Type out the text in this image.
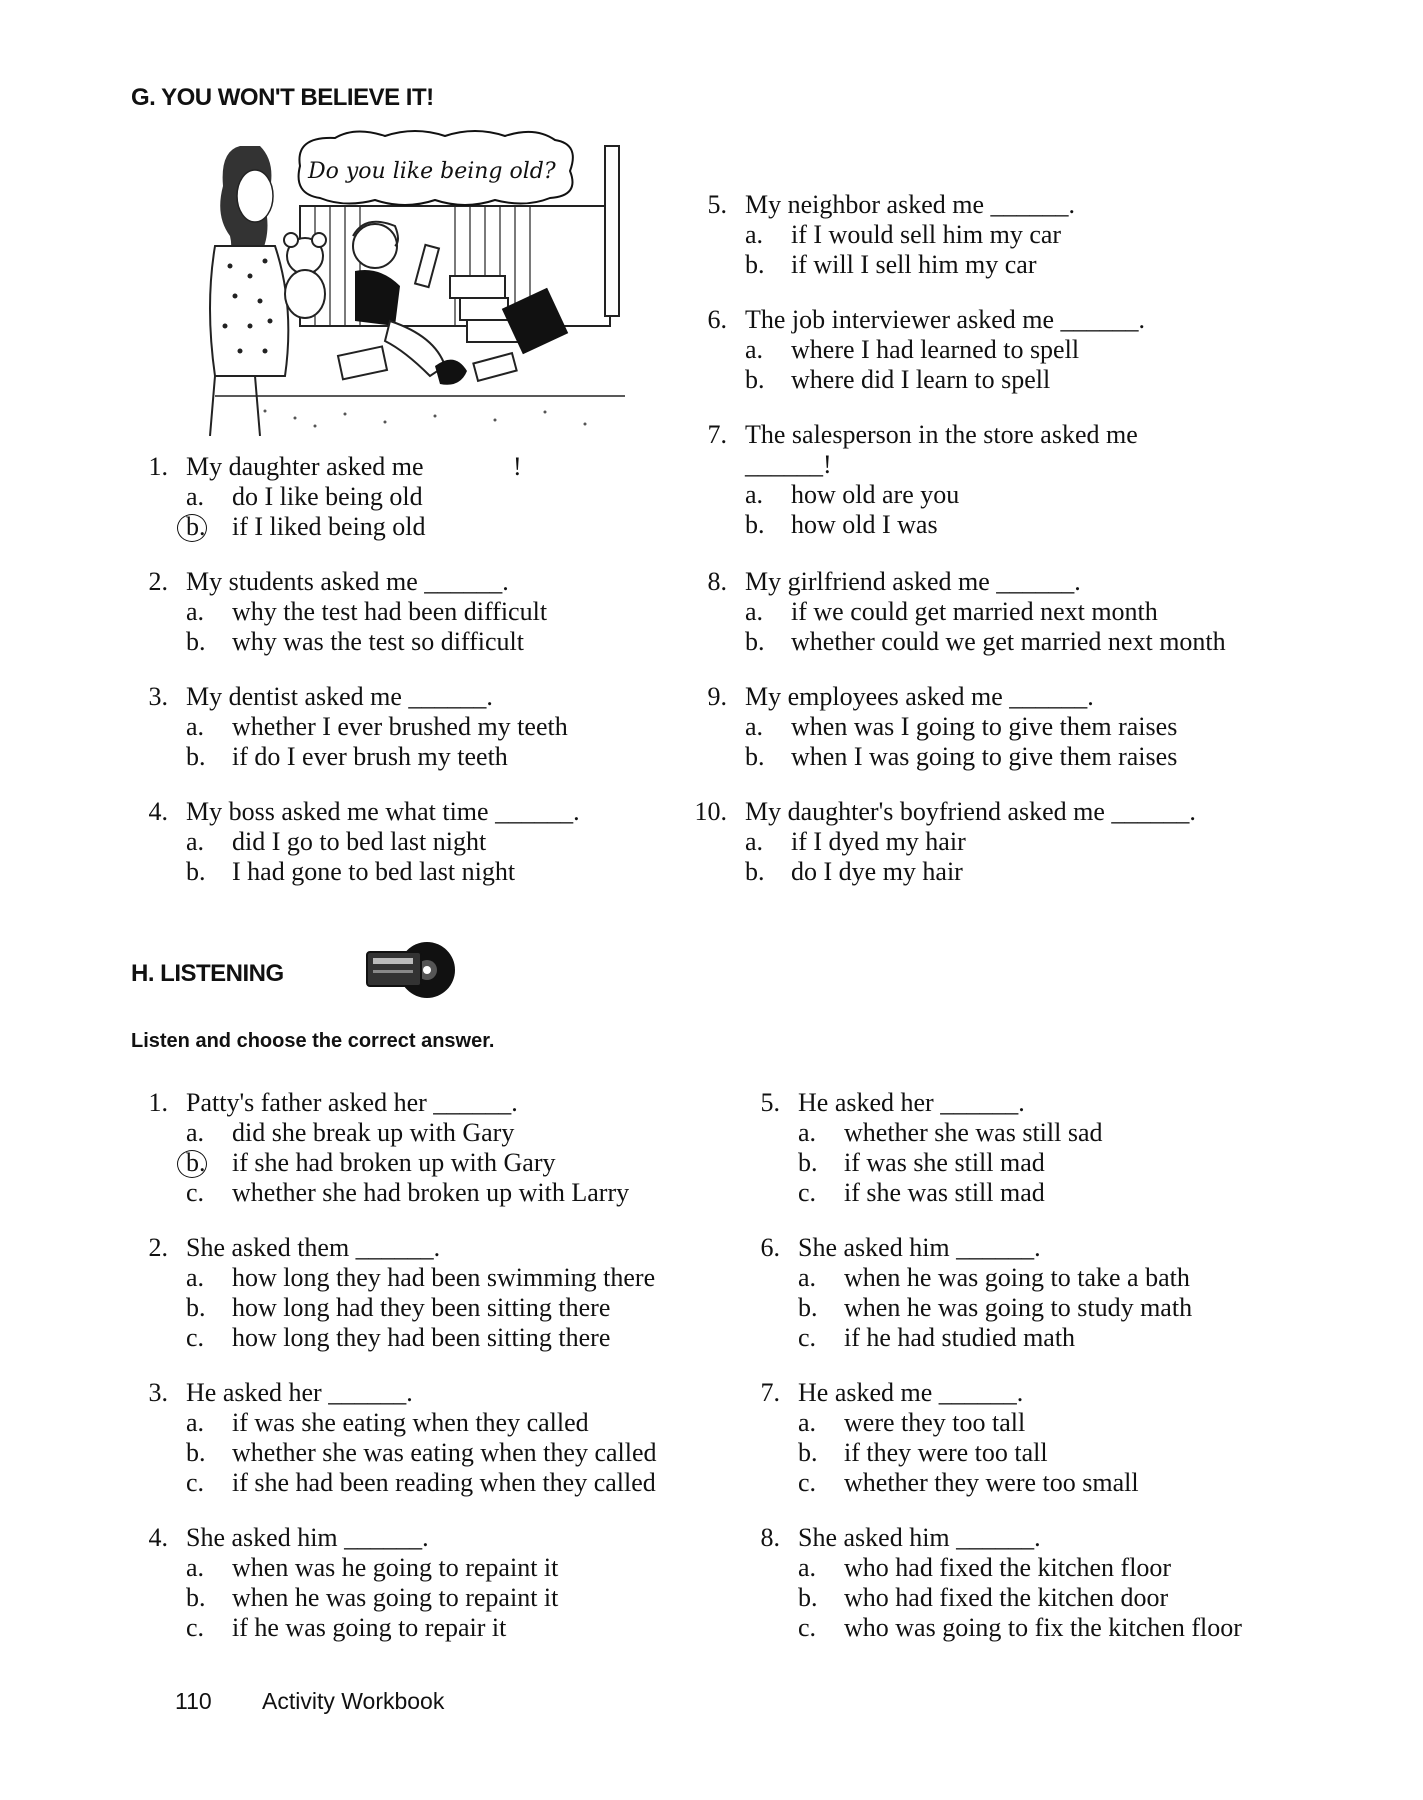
G. YOU WON'T BELIEVE IT!
Do you like being old?
1. My daughter asked me	!
a. do I like being old
b. if I liked being old
2. My students asked me ______.
a. why the test had been difficult
b. why was the test so difficult
3. My dentist asked me ______.
a. whether I ever brushed my teeth
b. if do I ever brush my teeth
4. My boss asked me what time ______.
a. did I go to bed last night
b. I had gone to bed last night
5. My neighbor asked me ______.
a. if I would sell him my car
b. if will I sell him my car
6. The job interviewer asked me ______.
a. where I had learned to spell
b. where did I learn to spell
7. The salesperson in the store asked me
______!
a. how old are you
b. how old I was
8. My girlfriend asked me ______.
a. if we could get married next month
b. whether could we get married next month
9. My employees asked me ______.
a. when was I going to give them raises
b. when I was going to give them raises
10. My daughter's boyfriend asked me ______.
a. if I dyed my hair
b. do I dye my hair
H. LISTENING
Listen and choose the correct answer.
1. Patty's father asked her ______.
a. did she break up with Gary
b. if she had broken up with Gary
c. whether she had broken up with Larry
2. She asked them ______.
a. how long they had been swimming there
b. how long had they been sitting there
c. how long they had been sitting there
3. He asked her ______.
a. if was she eating when they called
b. whether she was eating when they called
c. if she had been reading when they called
4. She asked him ______.
a. when was he going to repaint it
b. when he was going to repaint it
c. if he was going to repair it
5. He asked her ______.
a. whether she was still sad
b. if was she still mad
c. if she was still mad
6. She asked him ______.
a. when he was going to take a bath
b. when he was going to study math
c. if he had studied math
7. He asked me ______.
a. were they too tall
b. if they were too tall
c. whether they were too small
8. She asked him ______.
a. who had fixed the kitchen floor
b. who had fixed the kitchen door
c. who was going to fix the kitchen floor
110 Activity Workbook
